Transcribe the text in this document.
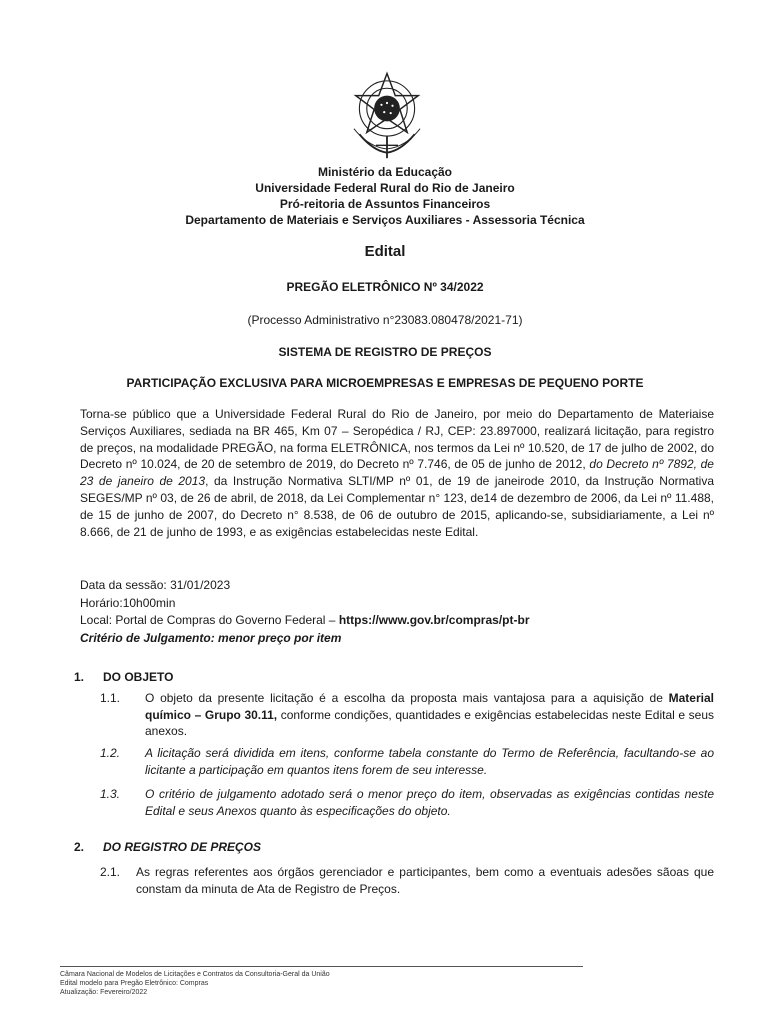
Ministério da Educação
Universidade Federal Rural do Rio de Janeiro
Pró-reitoria de Assuntos Financeiros
Departamento de Materiais e Serviços Auxiliares - Assessoria Técnica
Edital
PREGÃO ELETRÔNICO Nº 34/2022
(Processo Administrativo n°23083.080478/2021-71)
SISTEMA DE REGISTRO DE PREÇOS
PARTICIPAÇÃO EXCLUSIVA PARA MICROEMPRESAS E EMPRESAS DE PEQUENO PORTE
Torna-se público que a Universidade Federal Rural do Rio de Janeiro, por meio do Departamento de Materiaise Serviços Auxiliares, sediada na BR 465, Km 07 – Seropédica / RJ, CEP: 23.897000, realizará licitação, para registro de preços, na modalidade PREGÃO, na forma ELETRÔNICA, nos termos da Lei nº 10.520, de 17 de julho de 2002, do Decreto nº 10.024, de 20 de setembro de 2019, do Decreto nº 7.746, de 05 de junho de 2012, do Decreto nº 7892, de 23 de janeiro de 2013, da Instrução Normativa SLTI/MP nº 01, de 19 de janeirode 2010, da Instrução Normativa SEGES/MP nº 03, de 26 de abril, de 2018, da Lei Complementar n° 123, de14 de dezembro de 2006, da Lei nº 11.488, de 15 de junho de 2007, do Decreto n° 8.538, de 06 de outubro de 2015, aplicando-se, subsidiariamente, a Lei nº 8.666, de 21 de junho de 1993, e as exigências estabelecidas neste Edital.
Data da sessão: 31/01/2023
Horário:10h00min
Local: Portal de Compras do Governo Federal – https://www.gov.br/compras/pt-br
Critério de Julgamento: menor preço por item
1. DO OBJETO
1.1.	O objeto da presente licitação é a escolha da proposta mais vantajosa para a aquisição de Material químico – Grupo 30.11, conforme condições, quantidades e exigências estabelecidas neste Edital e seus anexos.
1.2.	A licitação será dividida em itens, conforme tabela constante do Termo de Referência, facultando-se ao licitante a participação em quantos itens forem de seu interesse.
1.3.	O critério de julgamento adotado será o menor preço do item, observadas as exigências contidas neste Edital e seus Anexos quanto às especificações do objeto.
2. DO REGISTRO DE PREÇOS
2.1.	As regras referentes aos órgãos gerenciador e participantes, bem como a eventuais adesões sãoas que constam da minuta de Ata de Registro de Preços.
Câmara Nacional de Modelos de Licitações e Contratos da Consultoria-Geral da União
Edital modelo para Pregão Eletrônico: Compras
Atualização: Fevereiro/2022
